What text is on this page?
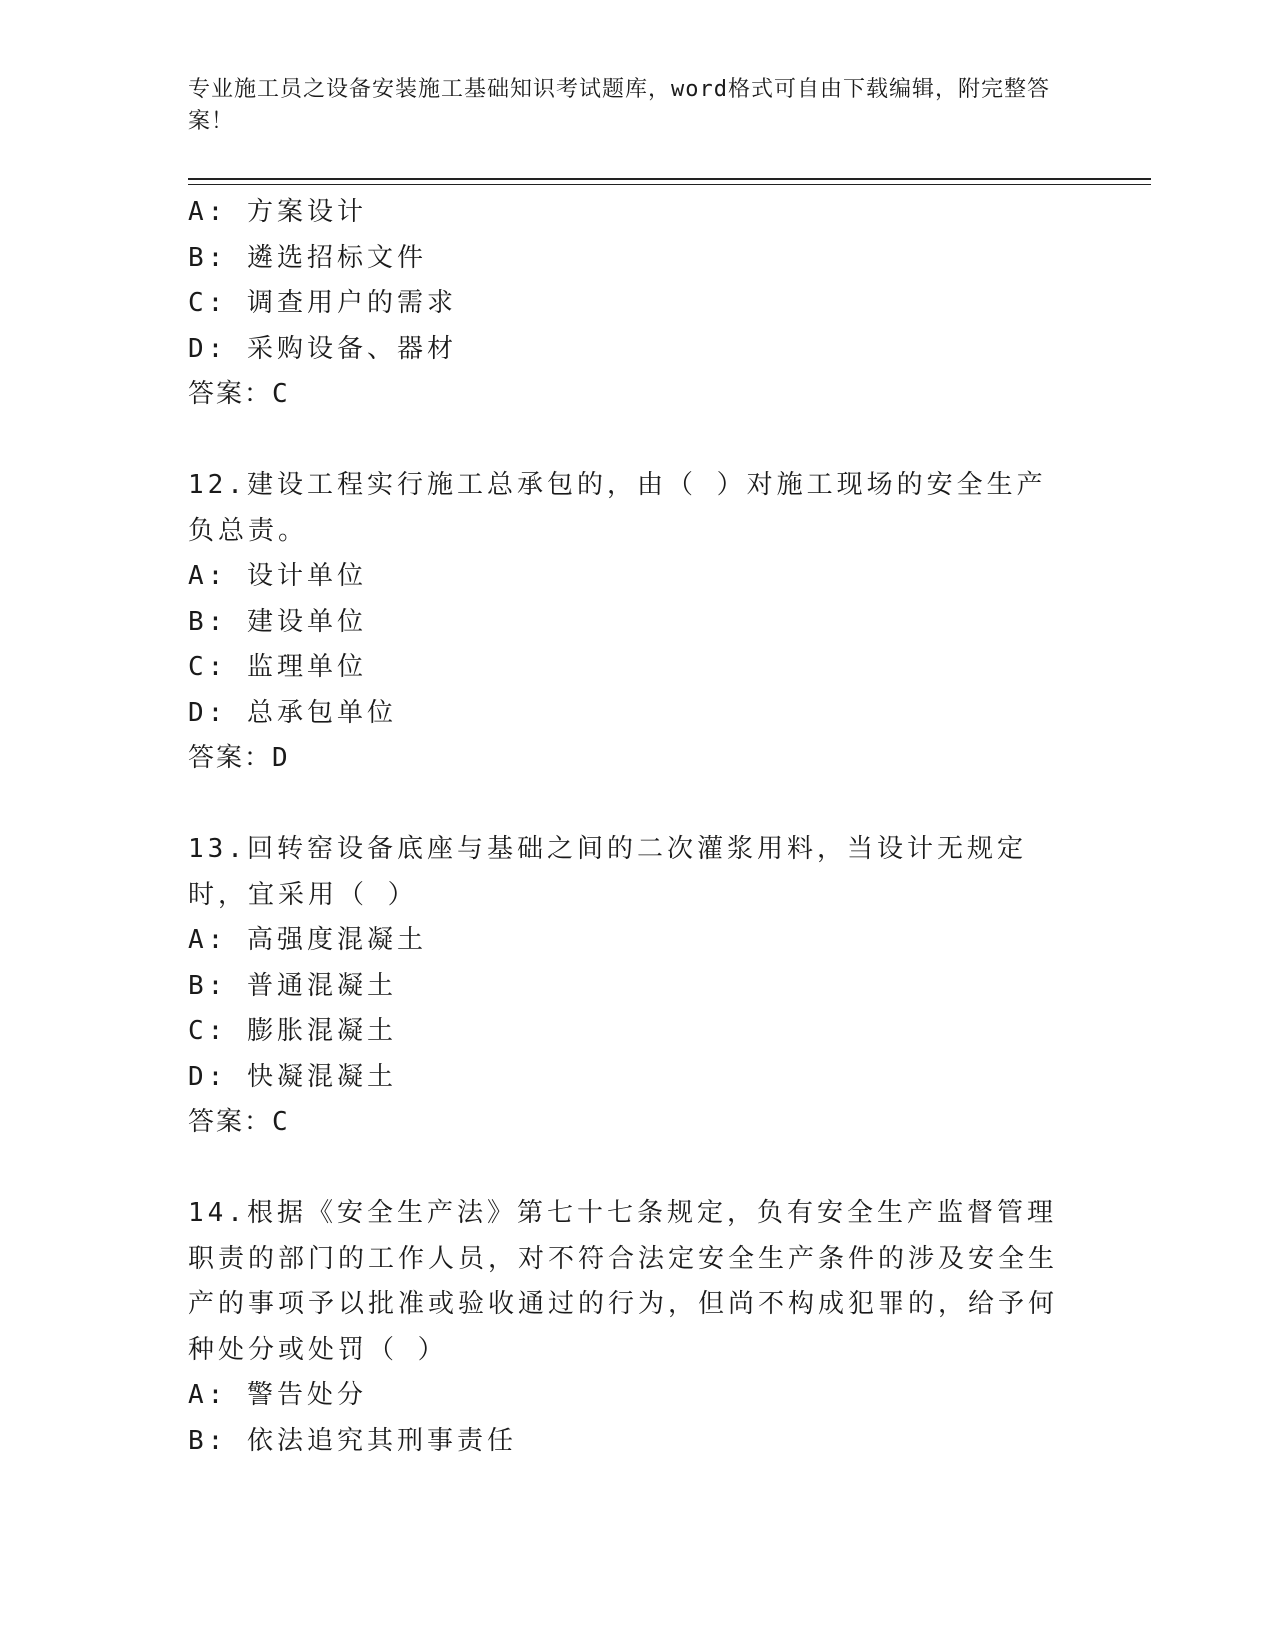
专业施工员之设备安装施工基础知识考试题库，word格式可自由下载编辑，附完整答案！
A: 方案设计
B: 遴选招标文件
C: 调查用户的需求
D: 采购设备、器材
答案：C
12.建设工程实行施工总承包的，由（ ）对施工现场的安全生产负总责。
A: 设计单位
B: 建设单位
C: 监理单位
D: 总承包单位
答案：D
13.回转窑设备底座与基础之间的二次灌浆用料，当设计无规定时，宜采用（ ）
A: 高强度混凝土
B: 普通混凝土
C: 膨胀混凝土
D: 快凝混凝土
答案：C
14.根据《安全生产法》第七十七条规定，负有安全生产监督管理职责的部门的工作人员，对不符合法定安全生产条件的涉及安全生产的事项予以批准或验收通过的行为，但尚不构成犯罪的，给予何种处分或处罚（ ）
A: 警告处分
B: 依法追究其刑事责任
